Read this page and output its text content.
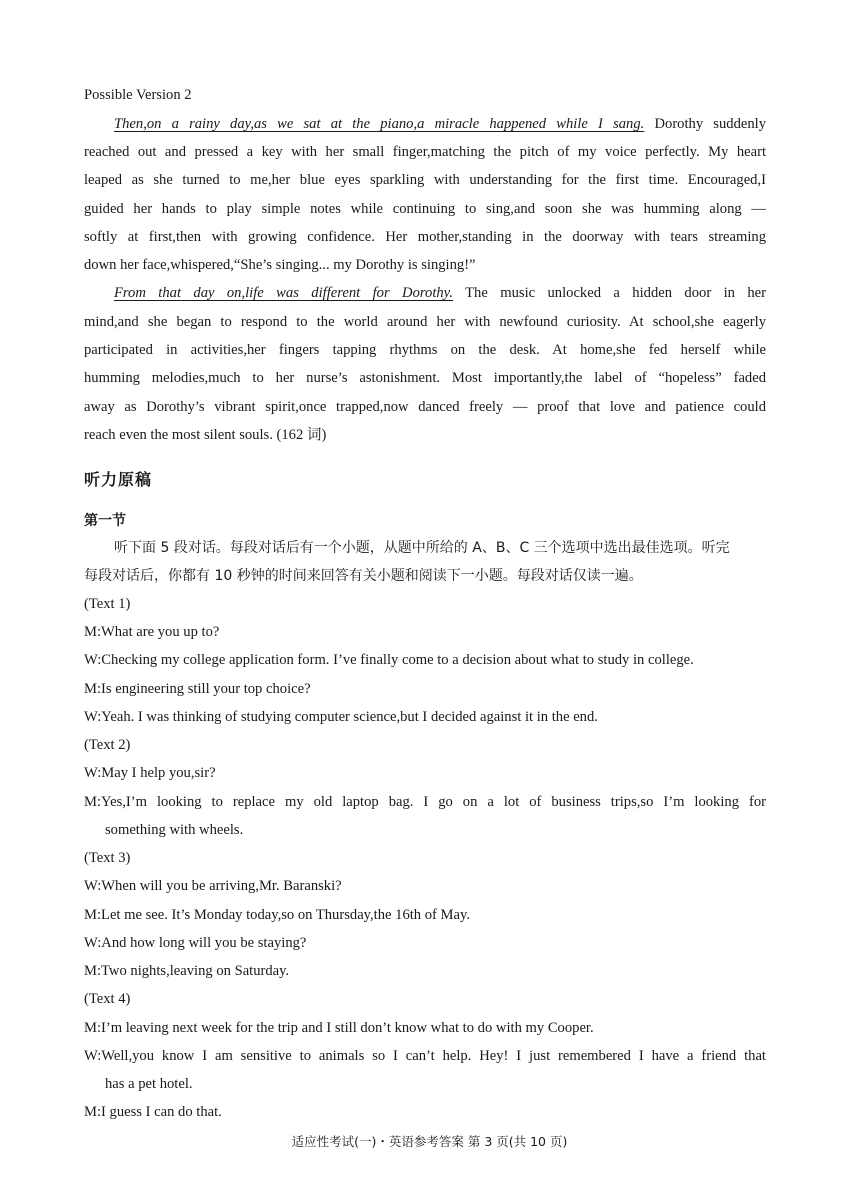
Possible Version 2
Then,on a rainy day,as we sat at the piano,a miracle happened while I sang. Dorothy suddenly
reached out and pressed a key with her small finger,matching the pitch of my voice perfectly. My heart
leaped as she turned to me,her blue eyes sparkling with understanding for the first time. Encouraged,I
guided her hands to play simple notes while continuing to sing,and soon she was humming along —
softly at first,then with growing confidence. Her mother,standing in the doorway with tears streaming
down her face,whispered,“She’s singing... my Dorothy is singing!”
From that day on,life was different for Dorothy. The music unlocked a hidden door in her
mind,and she began to respond to the world around her with newfound curiosity. At school,she eagerly
participated in activities,her fingers tapping rhythms on the desk. At home,she fed herself while
humming melodies,much to her nurse’s astonishment. Most importantly,the label of “hopeless” faded
away as Dorothy’s vibrant spirit,once trapped,now danced freely — proof that love and patience could
reach even the most silent souls. (162 词)
听力原稿
第一节
听下面 5 段对话。每段对话后有一个小题，从题中所给的 A、B、C 三个选项中选出最佳选项。听完
每段对话后，你都有 10 秒钟的时间来回答有关小题和阅读下一小题。每段对话仅读一遍。
(Text 1)
M:What are you up to?
W:Checking my college application form. I’ve finally come to a decision about what to study in college.
M:Is engineering still your top choice?
W:Yeah. I was thinking of studying computer science,but I decided against it in the end.
(Text 2)
W:May I help you,sir?
M:Yes,I’m looking to replace my old laptop bag. I go on a lot of business trips,so I’m looking for
something with wheels.
(Text 3)
W:When will you be arriving,Mr. Baranski?
M:Let me see. It’s Monday today,so on Thursday,the 16th of May.
W:And how long will you be staying?
M:Two nights,leaving on Saturday.
(Text 4)
M:I’m leaving next week for the trip and I still don’t know what to do with my Cooper.
W:Well,you know I am sensitive to animals so I can’t help. Hey! I just remembered I have a friend that
has a pet hotel.
M:I guess I can do that.
适应性考试(一)・英语参考答案 第 3 页(共 10 页)
